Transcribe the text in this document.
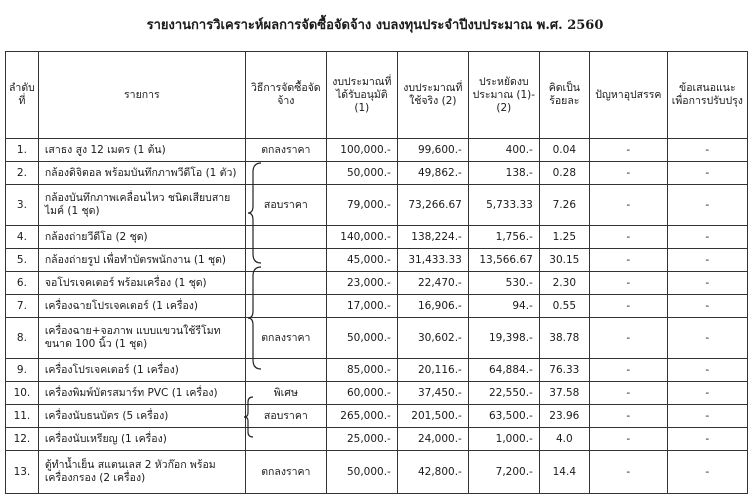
รายงานการวิเคราะห์ผลการจัดซื้อจัดจ้าง งบลงทุนประจำปีงบประมาณ พ.ศ. 2560
ลำดับที่	รายการ	วิธีการจัดซื้อจัดจ้าง	งบประมาณที่ได้รับอนุมัติ (1)	งบประมาณที่ใช้จริง (2)	ประหยัดงบประมาณ (1)-(2)	คิดเป็นร้อยละ	ปัญหาอุปสรรค	ข้อเสนอแนะเพื่อการปรับปรุง
1.	เสาธง สูง 12 เมตร (1 ต้น)	ตกลงราคา	100,000.-	99,600.-	400.-	0.04	-	-
2.	กล้องดิจิตอล พร้อมบันทึกภาพวีดีโอ (1 ตัว)		50,000.-	49,862.-	138.-	0.28	-	-
3.	กล้องบันทึกภาพเคลื่อนไหว ชนิดเสียบสายไมค์ (1 ชุด)	สอบราคา	79,000.-	73,266.67	5,733.33	7.26	-	-
4.	กล้องถ่ายวีดีโอ (2 ชุด)		140,000.-	138,224.-	1,756.-	1.25	-	-
5.	กล้องถ่ายรูป เพื่อทำบัตรพนักงาน (1 ชุด)		45,000.-	31,433.33	13,566.67	30.15	-	-
6.	จอโปรเจคเตอร์ พร้อมเครื่อง (1 ชุด)		23,000.-	22,470.-	530.-	2.30	-	-
7.	เครื่องฉายโปรเจคเตอร์ (1 เครื่อง)		17,000.-	16,906.-	94.-	0.55	-	-
8.	เครื่องฉาย+จอภาพ แบบแขวนใช้รีโมท ขนาด 100 นิ้ว (1 ชุด)	ตกลงราคา	50,000.-	30,602.-	19,398.-	38.78	-	-
9.	เครื่องโปรเจคเตอร์ (1 เครื่อง)		85,000.-	20,116.-	64,884.-	76.33	-	-
10.	เครื่องพิมพ์บัตรสมาร์ท PVC (1 เครื่อง)	พิเศษ	60,000.-	37,450.-	22,550.-	37.58	-	-
11.	เครื่องนับธนบัตร (5 เครื่อง)	สอบราคา	265,000.-	201,500.-	63,500.-	23.96	-	-
12.	เครื่องนับเหรียญ (1 เครื่อง)		25,000.-	24,000.-	1,000.-	4.0	-	-
13.	ตู้ทำน้ำเย็น สแตนเลส 2 หัวก๊อก พร้อมเครื่องกรอง (2 เครื่อง)	ตกลงราคา	50,000.-	42,800.-	7,200.-	14.4	-	-
